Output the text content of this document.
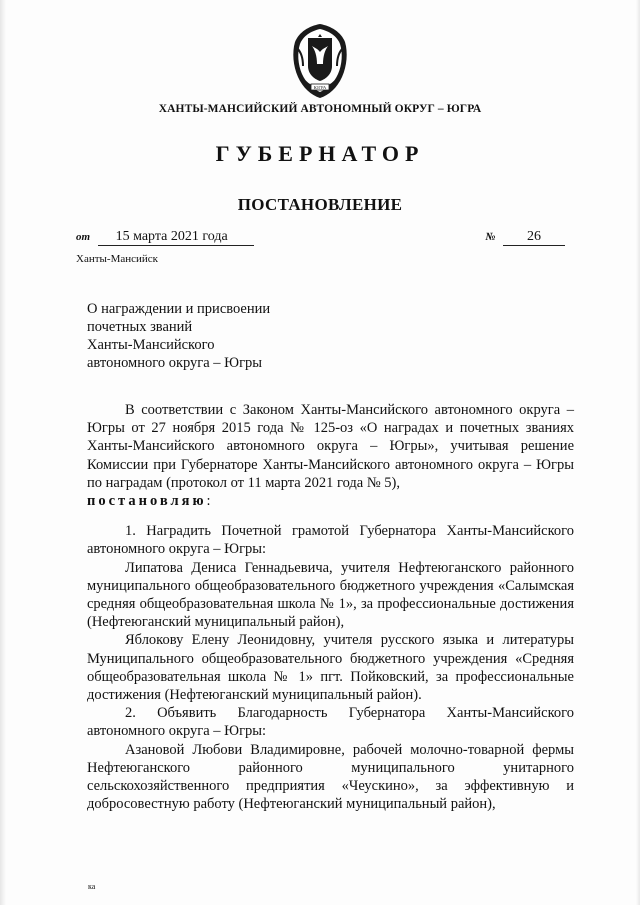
ЮГРА
ХАНТЫ-МАНСИЙСКИЙ АВТОНОМНЫЙ ОКРУГ – ЮГРА
ГУБЕРНАТОР
ПОСТАНОВЛЕНИЕ
от 15 марта 2021 года	№ 26
Ханты-Мансийск
О награждении и присвоении
почетных званий
Ханты-Мансийского
автономного округа – Югры

В соответствии с Законом Ханты-Мансийского автономного округа – Югры от 27 ноября 2015 года № 125-оз «О наградах и почетных званиях Ханты-Мансийского автономного округа – Югры», учитывая решение Комиссии при Губернаторе Ханты-Мансийского автономного округа – Югры по наградам (протокол от 11 марта 2021 года № 5),
постановляю:

1. Наградить Почетной грамотой Губернатора Ханты-Мансийского автономного округа – Югры:

Липатова Дениса Геннадьевича, учителя Нефтеюганского районного муниципального общеобразовательного бюджетного учреждения «Салымская средняя общеобразовательная школа № 1», за профессиональные достижения (Нефтеюганский муниципальный район),

Яблокову Елену Леонидовну, учителя русского языка и литературы Муниципального общеобразовательного бюджетного учреждения «Средняя общеобразовательная школа № 1» пгт. Пойковский, за профессиональные достижения (Нефтеюганский муниципальный район).

2. Объявить Благодарность Губернатора Ханты-Мансийского автономного округа – Югры:

Азановой Любови Владимировне, рабочей молочно-товарной фермы Нефтеюганского районного муниципального унитарного сельскохозяйственного предприятия «Чеускино», за эффективную и добросовестную работу (Нефтеюганский муниципальный район),

ка
